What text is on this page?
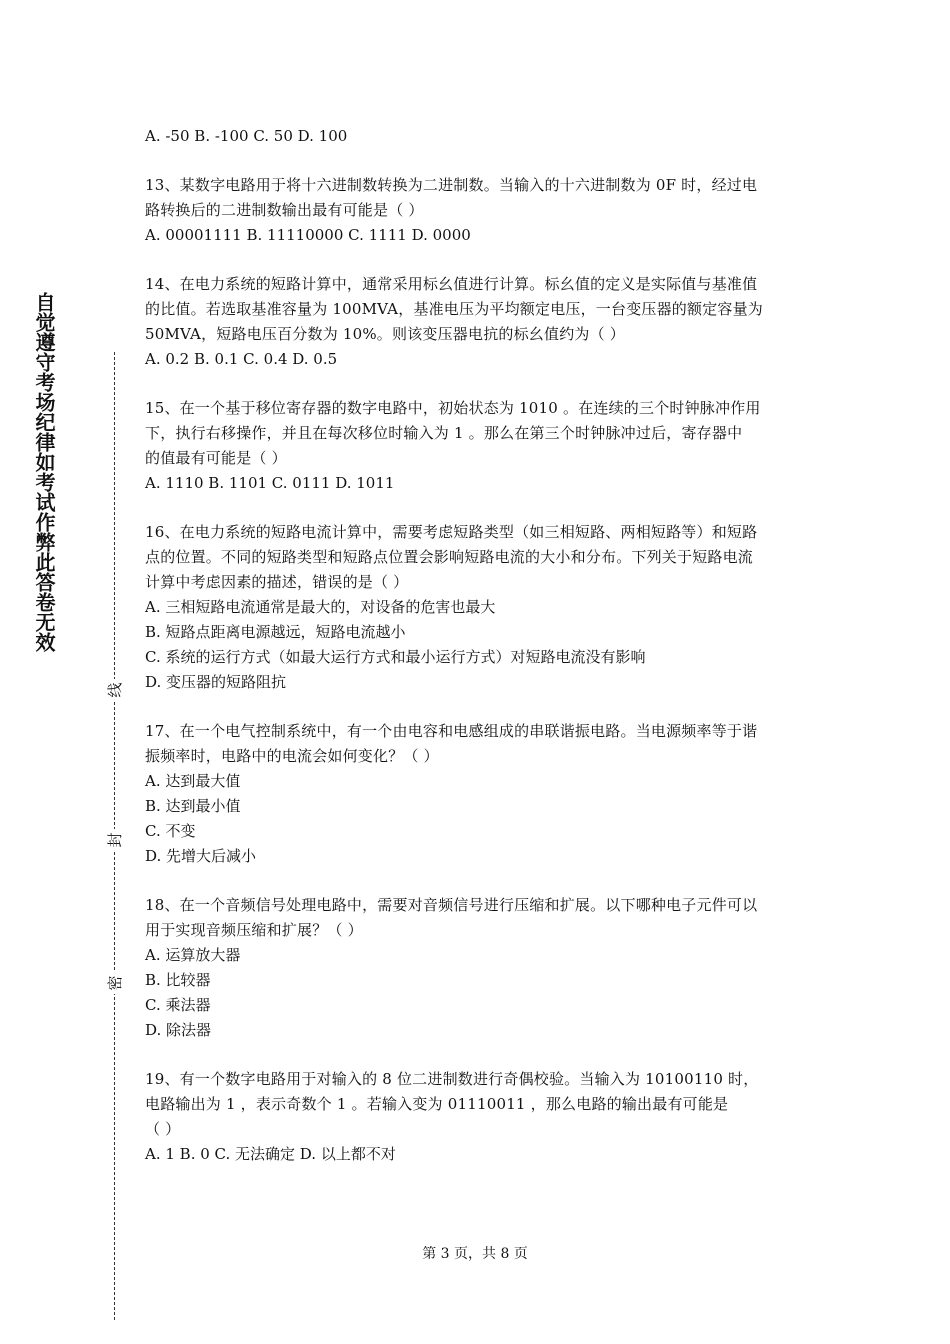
自觉遵守考场纪律如考试作弊此答卷无效
线
封
密
A. -50 B. -100 C. 50 D. 100
13、某数字电路用于将十六进制数转换为二进制数。当输入的十六进制数为 0F 时，经过电
路转换后的二进制数输出最有可能是（ ）
A. 00001111 B. 11110000 C. 1111 D. 0000
14、在电力系统的短路计算中，通常采用标幺值进行计算。标幺值的定义是实际值与基准值
的比值。若选取基准容量为 100MVA，基准电压为平均额定电压，一台变压器的额定容量为
50MVA，短路电压百分数为 10%。则该变压器电抗的标幺值约为（ ）
A. 0.2 B. 0.1 C. 0.4 D. 0.5
15、在一个基于移位寄存器的数字电路中，初始状态为 1010 。在连续的三个时钟脉冲作用
下，执行右移操作，并且在每次移位时输入为 1 。那么在第三个时钟脉冲过后，寄存器中
的值最有可能是（ ）
A. 1110 B. 1101 C. 0111 D. 1011
16、在电力系统的短路电流计算中，需要考虑短路类型（如三相短路、两相短路等）和短路
点的位置。不同的短路类型和短路点位置会影响短路电流的大小和分布。下列关于短路电流
计算中考虑因素的描述，错误的是（ ）
A. 三相短路电流通常是最大的，对设备的危害也最大
B. 短路点距离电源越远，短路电流越小
C. 系统的运行方式（如最大运行方式和最小运行方式）对短路电流没有影响
D. 变压器的短路阻抗
17、在一个电气控制系统中，有一个由电容和电感组成的串联谐振电路。当电源频率等于谐
振频率时，电路中的电流会如何变化？（ ）
A. 达到最大值
B. 达到最小值
C. 不变
D. 先增大后减小
18、在一个音频信号处理电路中，需要对音频信号进行压缩和扩展。以下哪种电子元件可以
用于实现音频压缩和扩展？（ ）
A. 运算放大器
B. 比较器
C. 乘法器
D. 除法器
19、有一个数字电路用于对输入的 8 位二进制数进行奇偶校验。当输入为 10100110 时，
电路输出为 1 ，表示奇数个 1 。若输入变为 01110011 ，那么电路的输出最有可能是
（ ）
A. 1 B. 0 C. 无法确定 D. 以上都不对
第 3 页，共 8 页
